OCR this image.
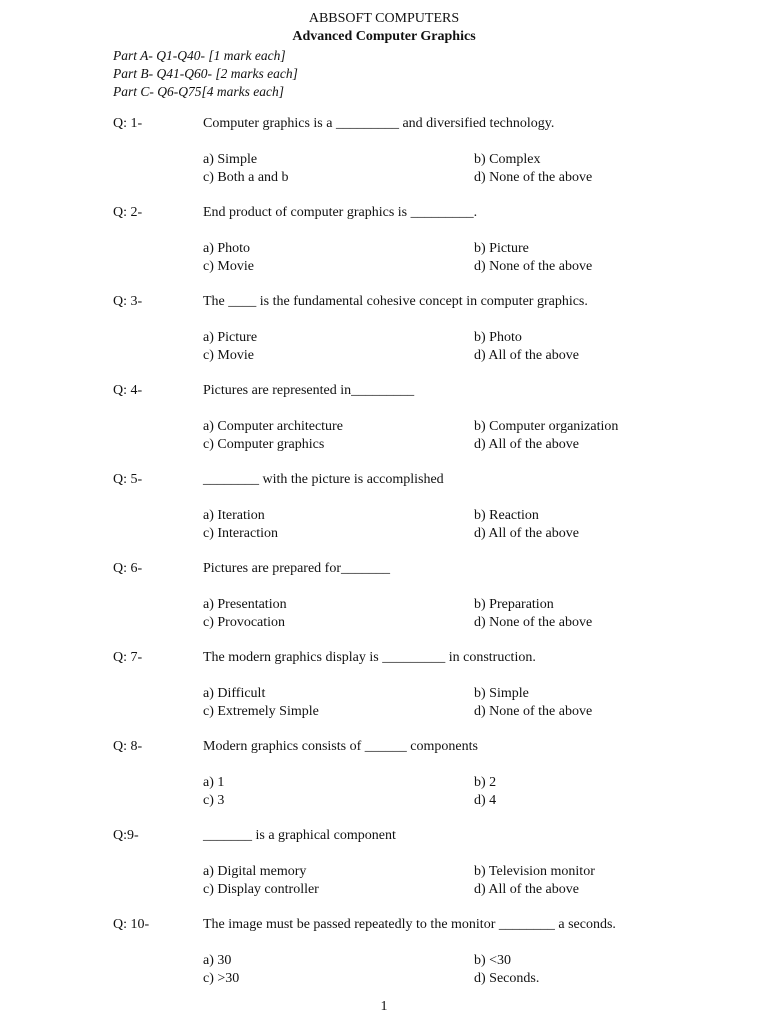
ABBSOFT COMPUTERS
Advanced Computer Graphics
Part A- Q1-Q40- [1 mark each]
Part B- Q41-Q60- [2 marks each]
Part C- Q6-Q75[4 marks each]
Q: 1-	Computer graphics is a _________ and diversified technology.
a) Simple	b) Complex
c) Both a and b	d) None of the above
Q: 2-	End product of computer graphics is _________.
a) Photo	b) Picture
c) Movie	d) None of the above
Q: 3-	The ____ is the fundamental cohesive concept in computer graphics.
a) Picture	b) Photo
c) Movie	d) All of the above
Q: 4-	Pictures are represented in_________
a) Computer architecture	b) Computer organization
c) Computer graphics	d) All of the above
Q: 5-	________ with the picture is accomplished
a) Iteration	b) Reaction
c) Interaction	d) All of the above
Q: 6-	Pictures are prepared for_______
a) Presentation	b) Preparation
c) Provocation	d) None of the above
Q: 7-	The modern graphics display is _________ in construction.
a) Difficult	b) Simple
c) Extremely Simple	d) None of the above
Q: 8-	Modern graphics consists of ______ components
a) 1	b) 2
c) 3	d) 4
Q:9-	_______ is a graphical component
a) Digital memory	b) Television monitor
c) Display controller	d) All of the above
Q: 10-	The image must be passed repeatedly to the monitor ________ a seconds.
a) 30	b) <30
c) >30	d) Seconds.
1
